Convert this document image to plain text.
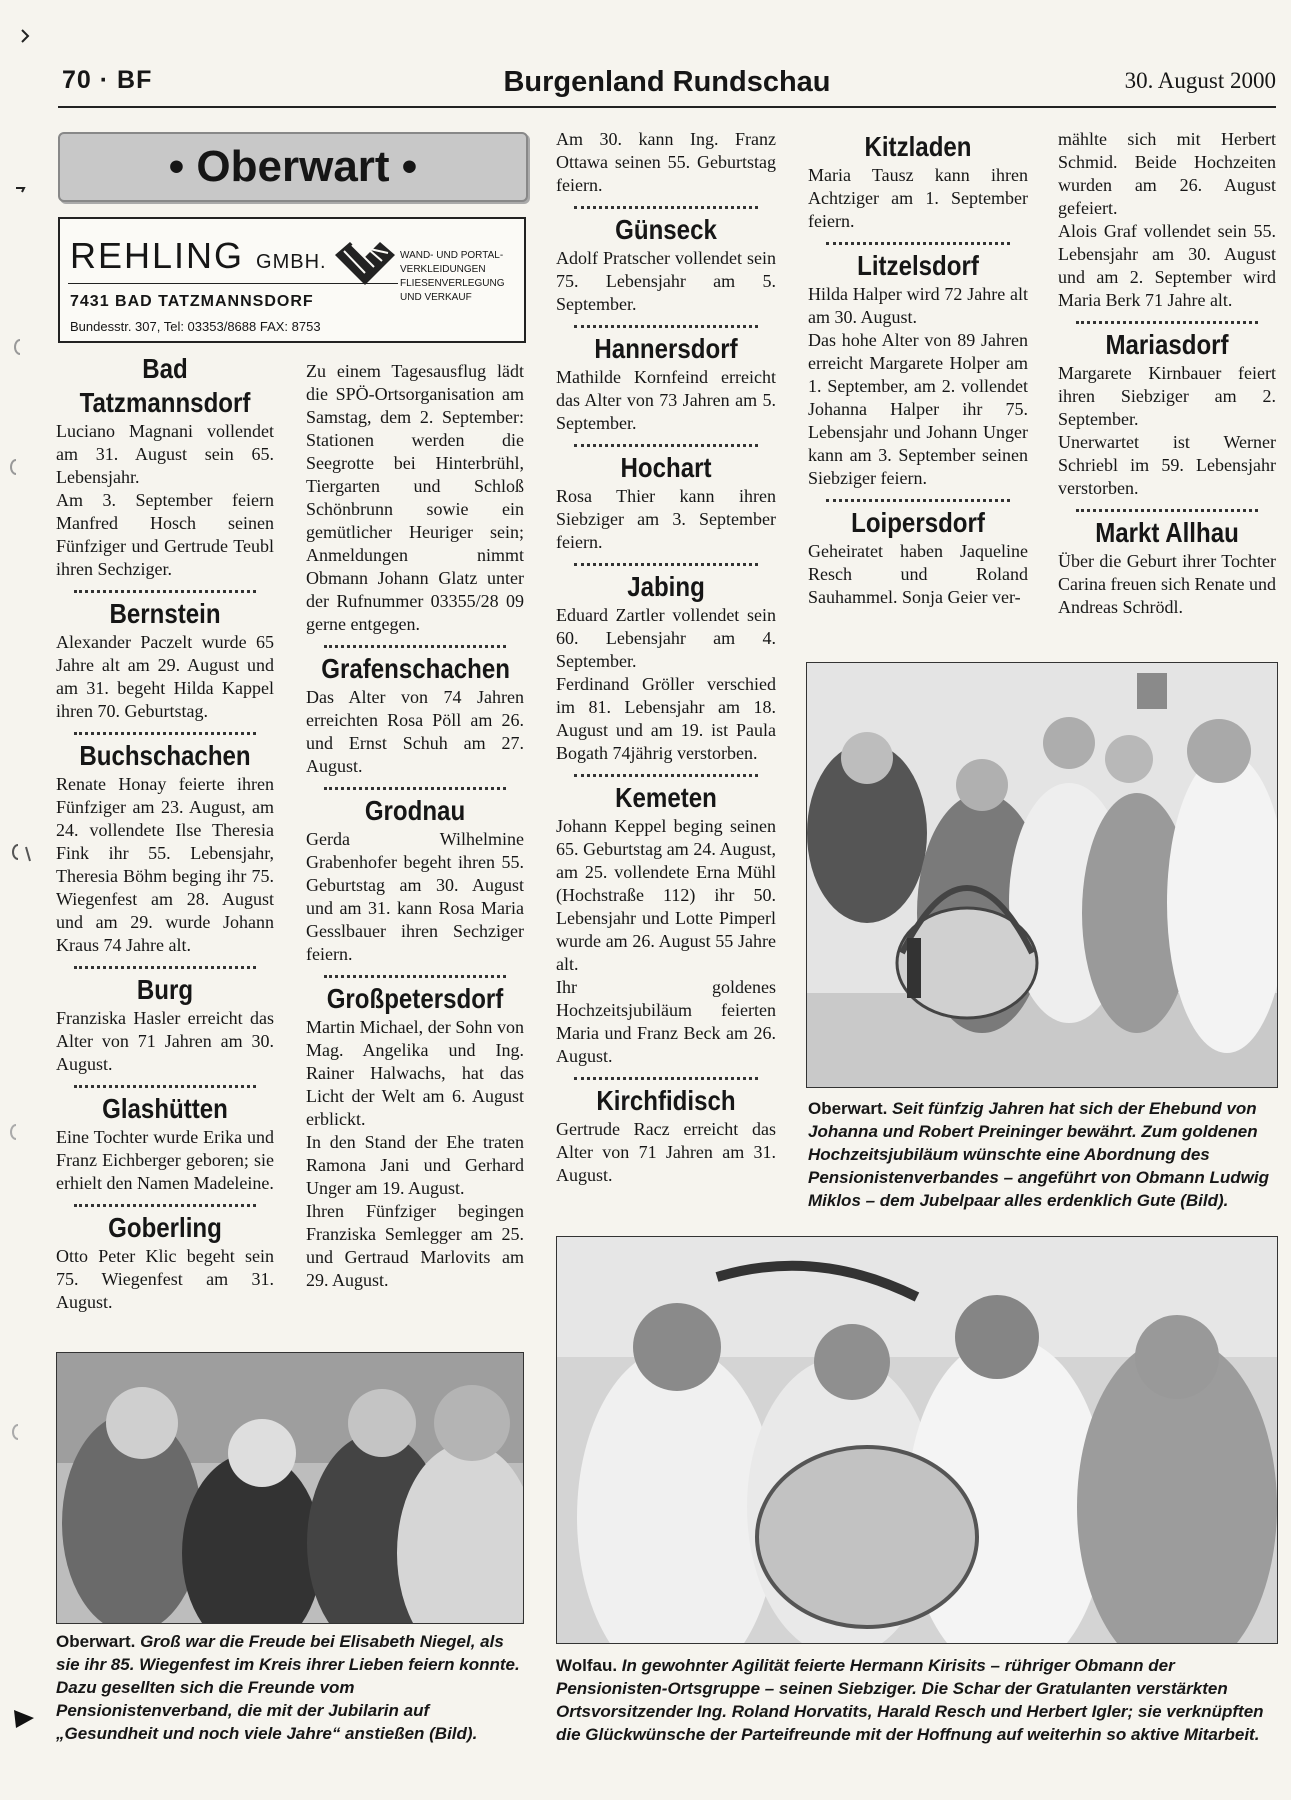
70 · BF	Burgenland Rundschau	30. August 2000
• Oberwart •
REHLING GMBH.
7431 BAD TATZMANNSDORF
Bundesstr. 307, Tel: 03353/8688 FAX: 8753
WAND- UND PORTAL-VERKLEIDUNGEN FLIESENVERLEGUNG UND VERKAUF
Bad Tatzmannsdorf

Luciano Magnani vollendet am 31. August sein 65. Lebensjahr.

Am 3. September feiern Manfred Hosch seinen Fünfziger und Gertrude Teubl ihren Sechziger.

Bernstein

Alexander Paczelt wurde 65 Jahre alt am 29. August und am 31. begeht Hilda Kappel ihren 70. Geburtstag.

Buchschachen

Renate Honay feierte ihren Fünfziger am 23. August, am 24. vollendete Ilse Theresia Fink ihr 55. Lebensjahr, Theresia Böhm beging ihr 75. Wiegenfest am 28. August und am 29. wurde Johann Kraus 74 Jahre alt.

Burg

Franziska Hasler erreicht das Alter von 71 Jahren am 30. August.

Glashütten

Eine Tochter wurde Erika und Franz Eichberger geboren; sie erhielt den Namen Madeleine.

Goberling

Otto Peter Klic begeht sein 75. Wiegenfest am 31. August.

Zu einem Tagesausflug lädt die SPÖ-Ortsorganisation am Samstag, dem 2. September: Stationen werden die Seegrotte bei Hinterbrühl, Tiergarten und Schloß Schönbrunn sowie ein gemütlicher Heuriger sein; Anmeldungen nimmt Obmann Johann Glatz unter der Rufnummer 03355/28 09 gerne entgegen.

Grafenschachen

Das Alter von 74 Jahren erreichten Rosa Pöll am 26. und Ernst Schuh am 27. August.

Grodnau

Gerda Wilhelmine Grabenhofer begeht ihren 55. Geburtstag am 30. August und am 31. kann Rosa Maria Gesslbauer ihren Sechziger feiern.

Großpetersdorf

Martin Michael, der Sohn von Mag. Angelika und Ing. Rainer Halwachs, hat das Licht der Welt am 6. August erblickt.

In den Stand der Ehe traten Ramona Jani und Gerhard Unger am 19. August.

Ihren Fünfziger begingen Franziska Semlegger am 25. und Gertraud Marlovits am 29. August.

Am 30. kann Ing. Franz Ottawa seinen 55. Geburtstag feiern.

Günseck

Adolf Pratscher vollendet sein 75. Lebensjahr am 5. September.

Hannersdorf

Mathilde Kornfeind erreicht das Alter von 73 Jahren am 5. September.

Hochart

Rosa Thier kann ihren Siebziger am 3. September feiern.

Jabing

Eduard Zartler vollendet sein 60. Lebensjahr am 4. September.

Ferdinand Gröller verschied im 81. Lebensjahr am 18. August und am 19. ist Paula Bogath 74jährig verstorben.

Kemeten

Johann Keppel beging seinen 65. Geburtstag am 24. August, am 25. vollendete Erna Mühl (Hochstraße 112) ihr 50. Lebensjahr und Lotte Pimperl wurde am 26. August 55 Jahre alt.

Ihr goldenes Hochzeitsjubiläum feierten Maria und Franz Beck am 26. August.

Kirchfidisch

Gertrude Racz erreicht das Alter von 71 Jahren am 31. August.

Kitzladen

Maria Tausz kann ihren Achtziger am 1. September feiern.

Litzelsdorf

Hilda Halper wird 72 Jahre alt am 30. August.

Das hohe Alter von 89 Jahren erreicht Margarete Holper am 1. September, am 2. vollendet Johanna Halper ihr 75. Lebensjahr und Johann Unger kann am 3. September seinen Siebziger feiern.

Loipersdorf

Geheiratet haben Jaqueline Resch und Roland Sauhammel. Sonja Geier ver-

mählte sich mit Herbert Schmid. Beide Hochzeiten wurden am 26. August gefeiert.

Alois Graf vollendet sein 55. Lebensjahr am 30. August und am 2. September wird Maria Berk 71 Jahre alt.

Mariasdorf

Margarete Kirnbauer feiert ihren Siebziger am 2. September.

Unerwartet ist Werner Schriebl im 59. Lebensjahr verstorben.

Markt Allhau

Über die Geburt ihrer Tochter Carina freuen sich Renate und Andreas Schrödl.

Oberwart. Seit fünfzig Jahren hat sich der Ehebund von Johanna und Robert Preininger bewährt. Zum goldenen Hochzeitsjubiläum wünschte eine Abordnung des Pensionistenverbandes – angeführt von Obmann Ludwig Miklos – dem Jubelpaar alles erdenklich Gute (Bild).
Oberwart. Groß war die Freude bei Elisabeth Niegel, als sie ihr 85. Wiegenfest im Kreis ihrer Lieben feiern konnte. Dazu gesellten sich die Freunde vom Pensionistenverband, die mit der Jubilarin auf „Gesundheit und noch viele Jahre“ anstießen (Bild).
Wolfau. In gewohnter Agilität feierte Hermann Kirisits – rühriger Obmann der Pensionisten-Ortsgruppe – seinen Siebziger. Die Schar der Gratulanten verstärkten Ortsvorsitzender Ing. Roland Horvatits, Harald Resch und Herbert Igler; sie verknüpften die Glückwünsche der Parteifreunde mit der Hoffnung auf weiterhin so aktive Mitarbeit.
